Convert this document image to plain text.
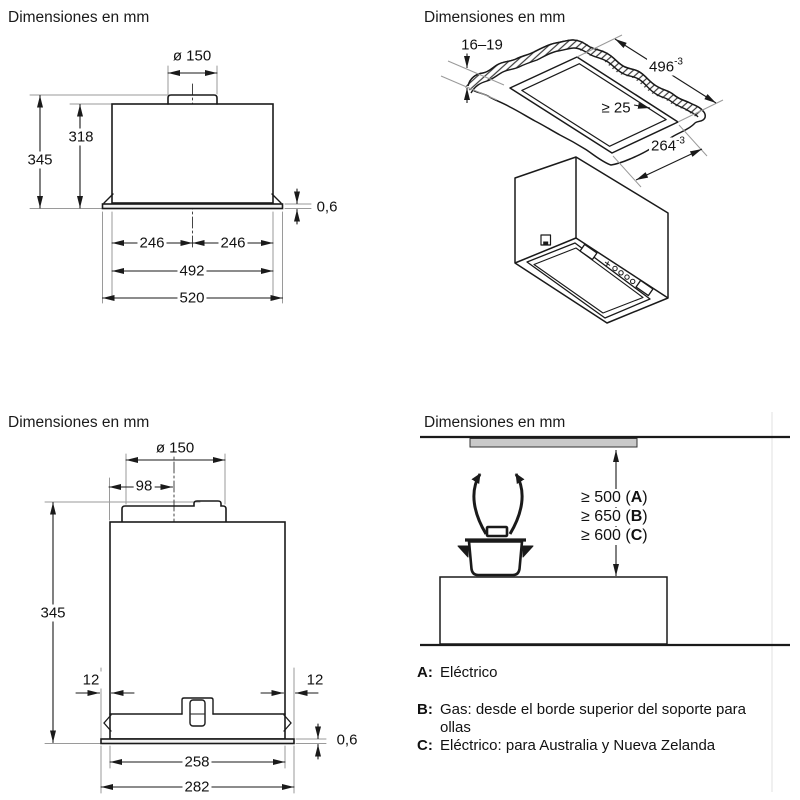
Dimensiones en mm	Dimensiones en mm
Dimensiones en mm	Dimensiones en mm
ø 150
318
345
0,6
246	246
492
520
16–19
$496^{-3}$
≥ 25
$264^{-3}$
ø 150
98
345
12	12
0,6
258
282
≥ 500 (A)
≥ 650 (B)
≥ 600 (C)
A: Eléctrico
B: Gas: desde el borde superior del soporte para ollas
C: Eléctrico: para Australia y Nueva Zelanda
